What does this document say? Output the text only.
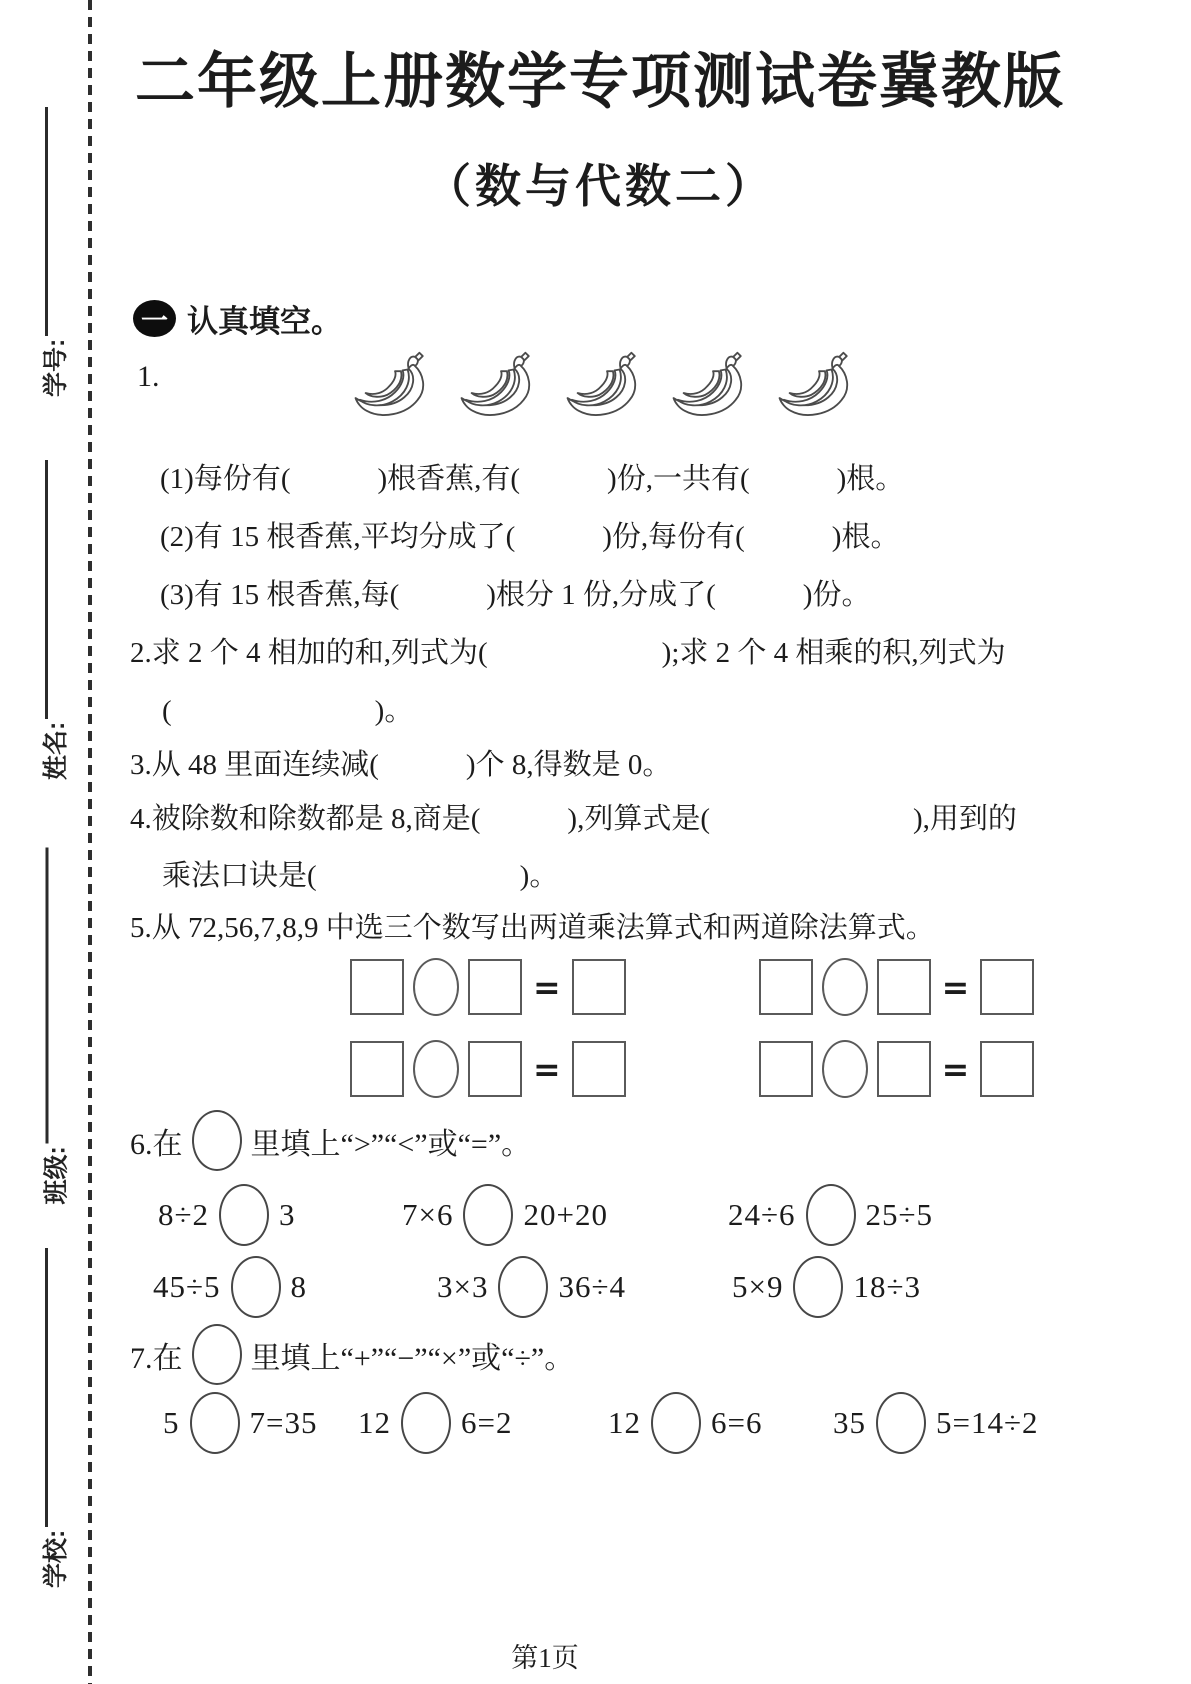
学号:
姓名:
班级:
学校:
二年级上册数学专项测试卷冀教版
（数与代数二）
一 认真填空。
1.
(1)每份有(　　　)根香蕉,有(　　　)份,一共有(　　　)根。
(2)有 15 根香蕉,平均分成了(　　　)份,每份有(　　　)根。
(3)有 15 根香蕉,每(　　　)根分 1 份,分成了(　　　)份。
2.求 2 个 4 相加的和,列式为(　　　　　　);求 2 个 4 相乘的积,列式为
(　　　　　　　)。
3.从 48 里面连续减(　　　)个 8,得数是 0。
4.被除数和除数都是 8,商是(　　　),列算式是(　　　　　　　),用到的
乘法口诀是(　　　　　　　)。
5.从 72,56,7,8,9 中选三个数写出两道乘法算式和两道除法算式。
=	=
=	=
6.在 里填上“>”“<”或“=”。
8÷2 3	7×6 20+20	24÷6 25÷5
45÷5 8	3×3 36÷4	5×9 18÷3
7.在 里填上“+”“−”“×”或“÷”。
5 7=35 12 6=2	12 6=6 35 5=14÷2
第1页
